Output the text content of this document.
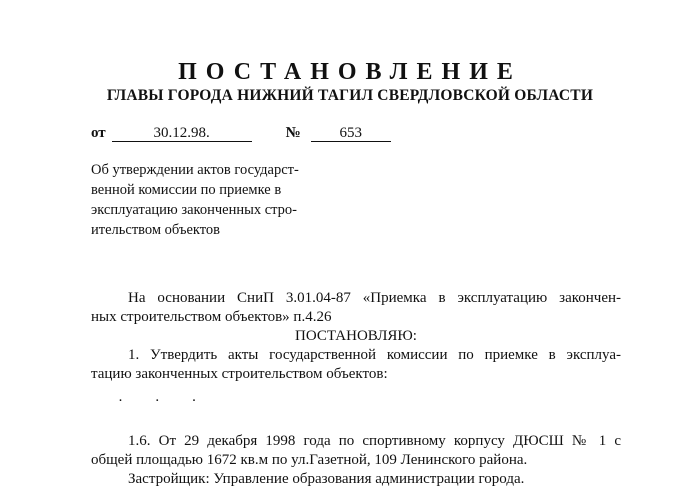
ПОСТАНОВЛЕНИЕ
ГЛАВЫ ГОРОДА НИЖНИЙ ТАГИЛ СВЕРДЛОВСКОЙ ОБЛАСТИ
от	30.12.98.	№	653
Об утверждении актов государст-
венной комиссии по приемке в
эксплуатацию законченных стро-
ительством объектов
На основании СниП 3.01.04-87 «Приемка в эксплуатацию закончен-
ных строительством объектов» п.4.26
ПОСТАНОВЛЯЮ:
1. Утвердить акты государственной комиссии по приемке в эксплуа-
тацию законченных строительством объектов:
· · ·
1.6. От 29 декабря 1998 года по спортивному корпусу ДЮСШ № 1 с
общей площадью 1672 кв.м по ул.Газетной, 109 Ленинского района.
Застройщик: Управление образования администрации города.
